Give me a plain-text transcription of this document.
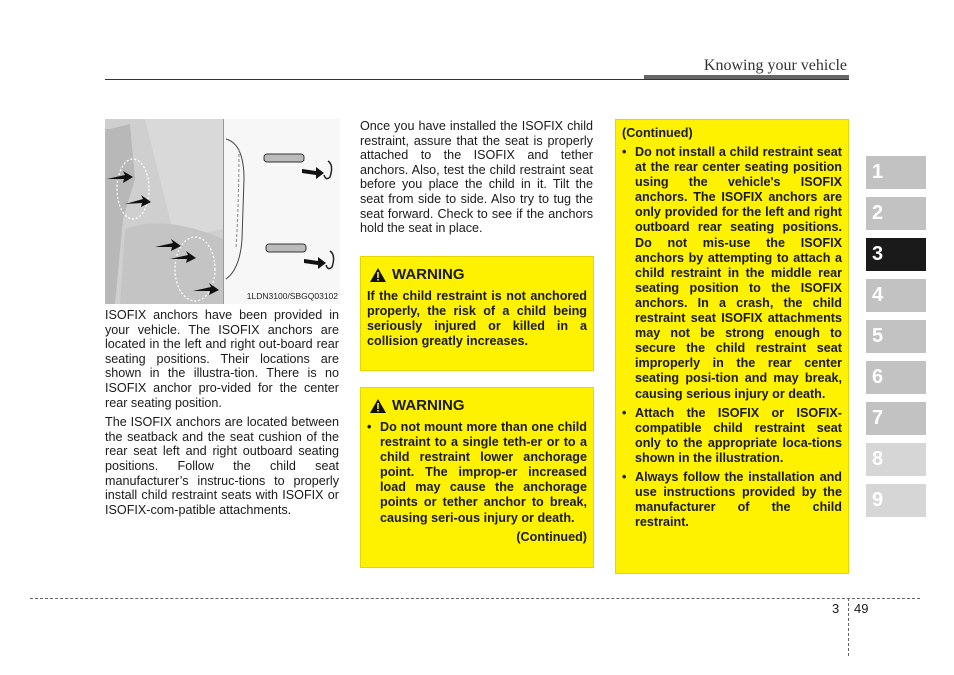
Knowing your vehicle
1LDN3100/SBGQ03102

ISOFIX anchors have been provided in your vehicle. The ISOFIX anchors are located in the left and right out-board rear seating positions. Their locations are shown in the illustra-tion. There is no ISOFIX anchor pro-vided for the center rear seating position.

The ISOFIX anchors are located between the seatback and the seat cushion of the rear seat left and right outboard seating positions. Follow the child seat manufacturer’s instruc-tions to properly install child restraint seats with ISOFIX or ISOFIX-com-patible attachments.

Once you have installed the ISOFIX child restraint, assure that the seat is properly attached to the ISOFIX and tether anchors. Also, test the child restraint seat before you place the child in it. Tilt the seat from side to side. Also try to tug the seat forward. Check to see if the anchors hold the seat in place.

WARNING
If the child restraint is not anchored properly, the risk of a child being seriously injured or killed in a collision greatly increases.
WARNING
• Do not mount more than one child restraint to a single teth-er or to a child restraint lower anchorage point. The improp-er increased load may cause the anchorage points or tether anchor to break, causing seri-ous injury or death.
(Continued)
(Continued)
• Do not install a child restraint seat at the rear center seating position using the vehicle's ISOFIX anchors. The ISOFIX anchors are only provided for the left and right outboard rear seating positions. Do not mis-use the ISOFIX anchors by attempting to attach a child restraint in the middle rear seating position to the ISOFIX anchors. In a crash, the child restraint seat ISOFIX attachments may not be strong enough to secure the child restraint seat improperly in the rear center seating posi-tion and may break, causing serious injury or death.
• Attach the ISOFIX or ISOFIX-compatible child restraint seat only to the appropriate loca-tions shown in the illustration.
• Always follow the installation and use instructions provided by the manufacturer of the child restraint.
1
2
3
4
5
6
7
8
9
3 49
